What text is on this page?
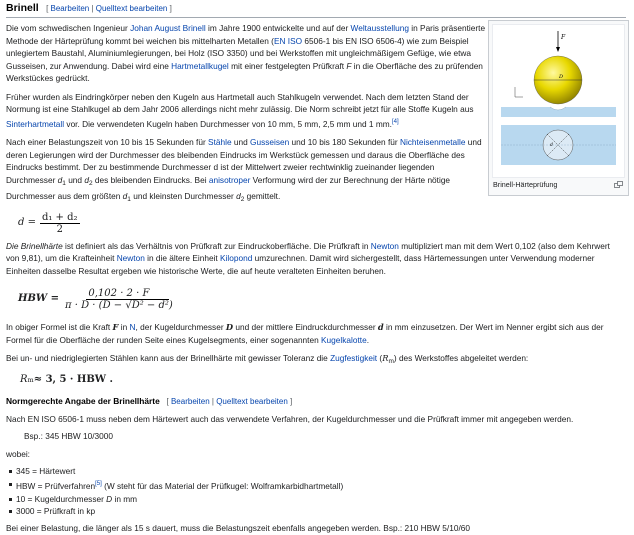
Brinell [ Bearbeiten | Quelltext bearbeiten ]

Die vom schwedischen Ingenieur Johan August Brinell im Jahre 1900 entwickelte und auf der Weltausstellung in Paris präsentierte Methode der Härteprüfung kommt bei weichen bis mittelharten Metallen (EN ISO 6506-1 bis EN ISO 6506-4) wie zum Beispiel unlegiertem Baustahl, Aluminiumlegierungen, bei Holz (ISO 3350) und bei Werkstoffen mit ungleichmäßigem Gefüge, wie etwa Gusseisen, zur Anwendung. Dabei wird eine Hartmetallkugel mit einer festgelegten Prüfkraft F in die Oberfläche des zu prüfenden Werkstückes gedrückt.

Früher wurden als Eindringkörper neben den Kugeln aus Hartmetall auch Stahlkugeln verwendet. Nach dem letzten Stand der Normung ist eine Stahlkugel ab dem Jahr 2006 allerdings nicht mehr zulässig. Die Norm schreibt jetzt für alle Stoffe Kugeln aus Sinterhartmetall vor. Die verwendeten Kugeln haben Durchmesser von 10 mm, 5 mm, 2,5 mm und 1 mm.[4]

Nach einer Belastungszeit von 10 bis 15 Sekunden für Stähle und Gusseisen und 10 bis 180 Sekunden für Nichteisenmetalle und deren Legierungen wird der Durchmesser des bleibenden Eindrucks im Werkstück gemessen und daraus die Oberfläche des Eindrucks bestimmt. Der zu bestimmende Durchmesser d ist der Mittelwert zweier rechtwinklig zueinander liegenden Durchmesser $d_1$ und $d_2$ des bleibenden Eindrucks. Bei anisotroper Verformung wird der zur Berechnung der Härte nötige Durchmesser aus dem größten $d_1$ und kleinsten Durchmesser $d_2$ gemittelt.

$d = \frac{\text{d₁ + d₂}}{2}$

Die Brinellhärte ist definiert als das Verhältnis von Prüfkraft zur Eindruckoberfläche. Die Prüfkraft in Newton multipliziert man mit dem Wert 0,102 (also dem Kehrwert von 9,81), um die Krafteinheit Newton in die ältere Einheit Kilopond umzurechnen. Damit wird sichergestellt, dass Härtemessungen unter Verwendung moderner Einheiten dasselbe Resultat ergeben wie historische Werte, die auf heute veralteten Einheiten beruhen.

HBW = $\frac{0,102 \cdot 2 \cdot F}{\text{π · D · (D − √D² − d²)}}$

In obiger Formel ist die Kraft F in N, der Kugeldurchmesser D und der mittlere Eindruckdurchmesser d in mm einzusetzen. Der Wert im Nenner ergibt sich aus der Formel für die Oberfläche der runden Seite eines Kugelsegments, einer sogenannten Kugelkalotte.

Bei un- und niedriglegierten Stählen kann aus der Brinellhärte mit gewisser Toleranz die Zugfestigkeit $(R_m)$ des Werkstoffes abgeleitet werden:

R m ≈ 3, 5 · HBW .
Normgerechte Angabe der Brinellhärte   [ Bearbeiten | Quelltext bearbeiten ]

Nach EN ISO 6506-1 muss neben dem Härtewert auch das verwendete Verfahren, der Kugeldurchmesser und die Prüfkraft immer mit angegeben werden.

Bsp.: 345 HBW 10/3000

wobei:

345 = Härtewert
HBW = Prüfverfahren[5] (W steht für das Material der Prüfkugel: Wolframkarbidhartmetall)
10 = Kugeldurchmesser D in mm
3000 = Prüfkraft in kp

Bei einer Belastung, die länger als 15 s dauert, muss die Belastungszeit ebenfalls angegeben werden. Bsp.: 210 HBW 5/10/60

F
D
d
Brinell-Härteprüfung
